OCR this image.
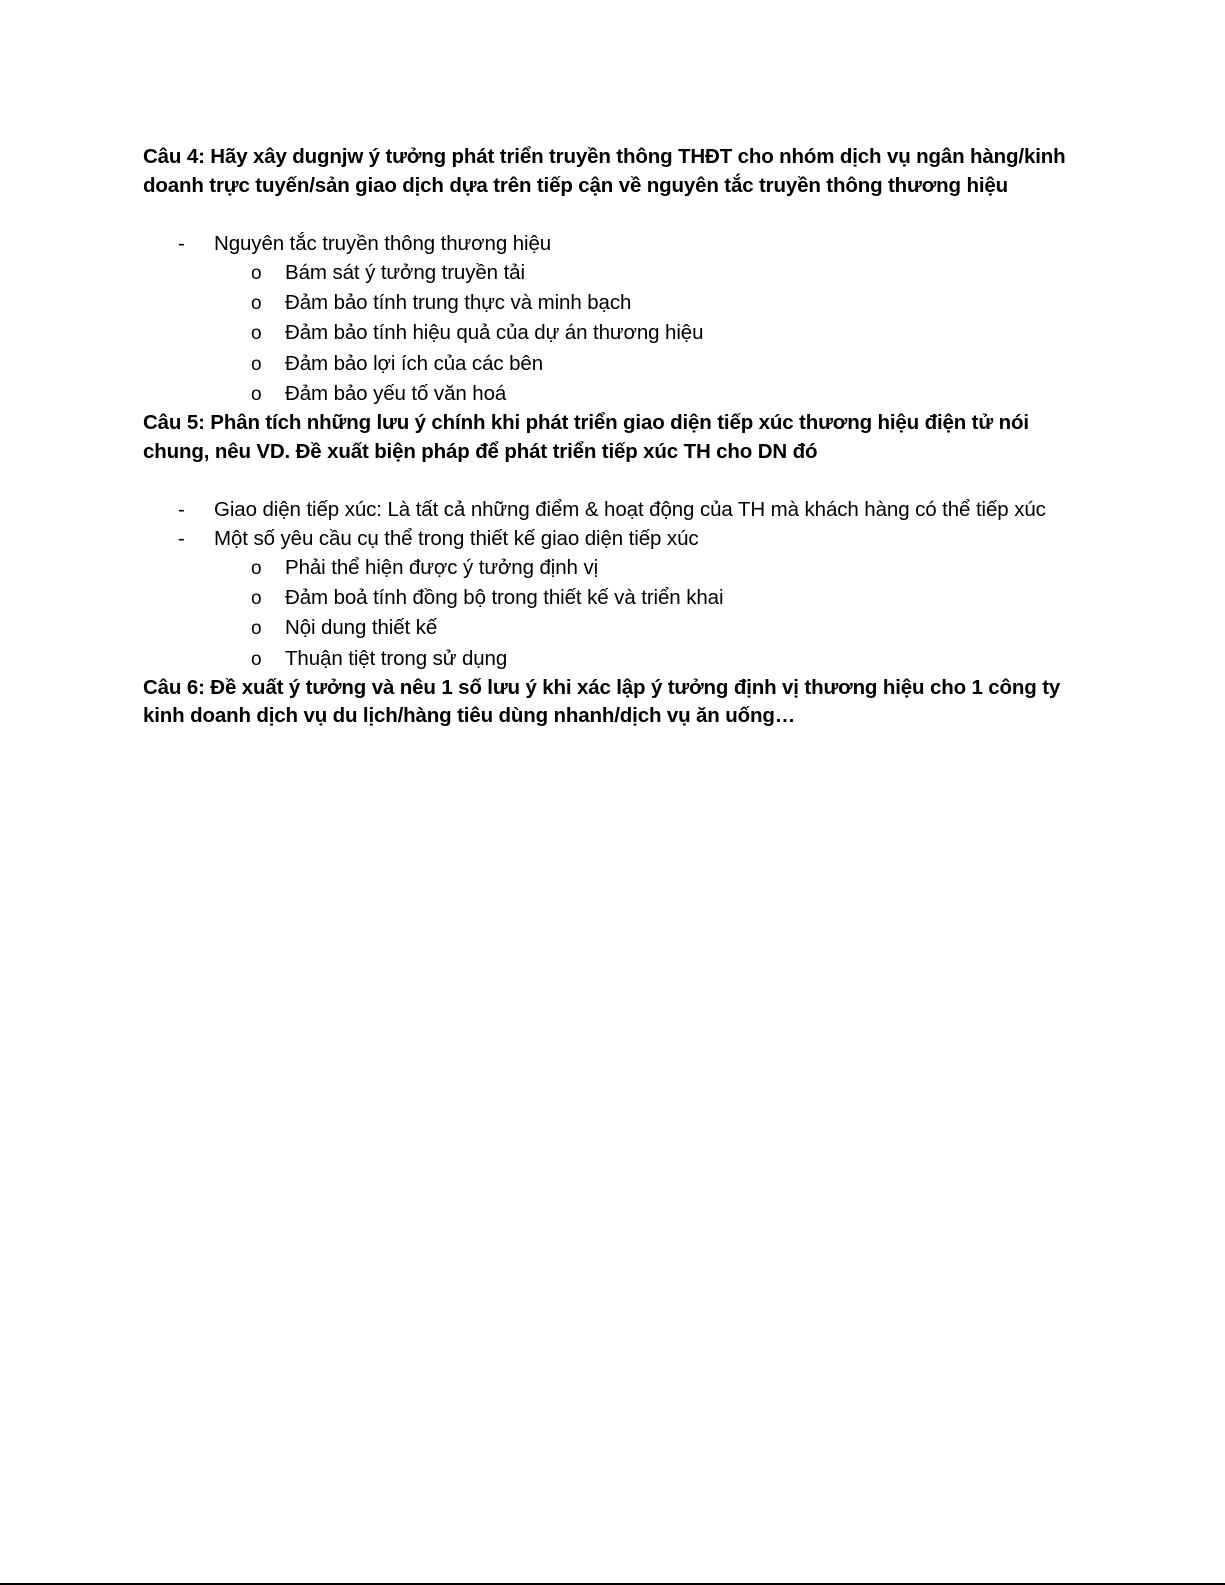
Câu 4: Hãy xây dugnjw ý tưởng phát triển truyền thông THĐT cho nhóm dịch vụ ngân hàng/kinh doanh trực tuyến/sản giao dịch dựa trên tiếp cận về nguyên tắc truyền thông thương hiệu

- Nguyên tắc truyền thông thương hiệu
o Bám sát ý tưởng truyền tải
o Đảm bảo tính trung thực và minh bạch
o Đảm bảo tính hiệu quả của dự án thương hiệu
o Đảm bảo lợi ích của các bên
o Đảm bảo yếu tố văn hoá

Câu 5: Phân tích những lưu ý chính khi phát triển giao diện tiếp xúc thương hiệu điện tử nói chung, nêu VD. Đề xuất biện pháp để phát triển tiếp xúc TH cho DN đó

- Giao diện tiếp xúc: Là tất cả những điểm & hoạt động của TH mà khách hàng có thể tiếp xúc
- Một số yêu cầu cụ thể trong thiết kế giao diện tiếp xúc
o Phải thể hiện được ý tưởng định vị
o Đảm boả tính đồng bộ trong thiết kế và triển khai
o Nội dung thiết kế
o Thuận tiệt trong sử dụng

Câu 6: Đề xuất ý tưởng và nêu 1 số lưu ý khi xác lập ý tưởng định vị thương hiệu cho 1 công ty kinh doanh dịch vụ du lịch/hàng tiêu dùng nhanh/dịch vụ ăn uống…
